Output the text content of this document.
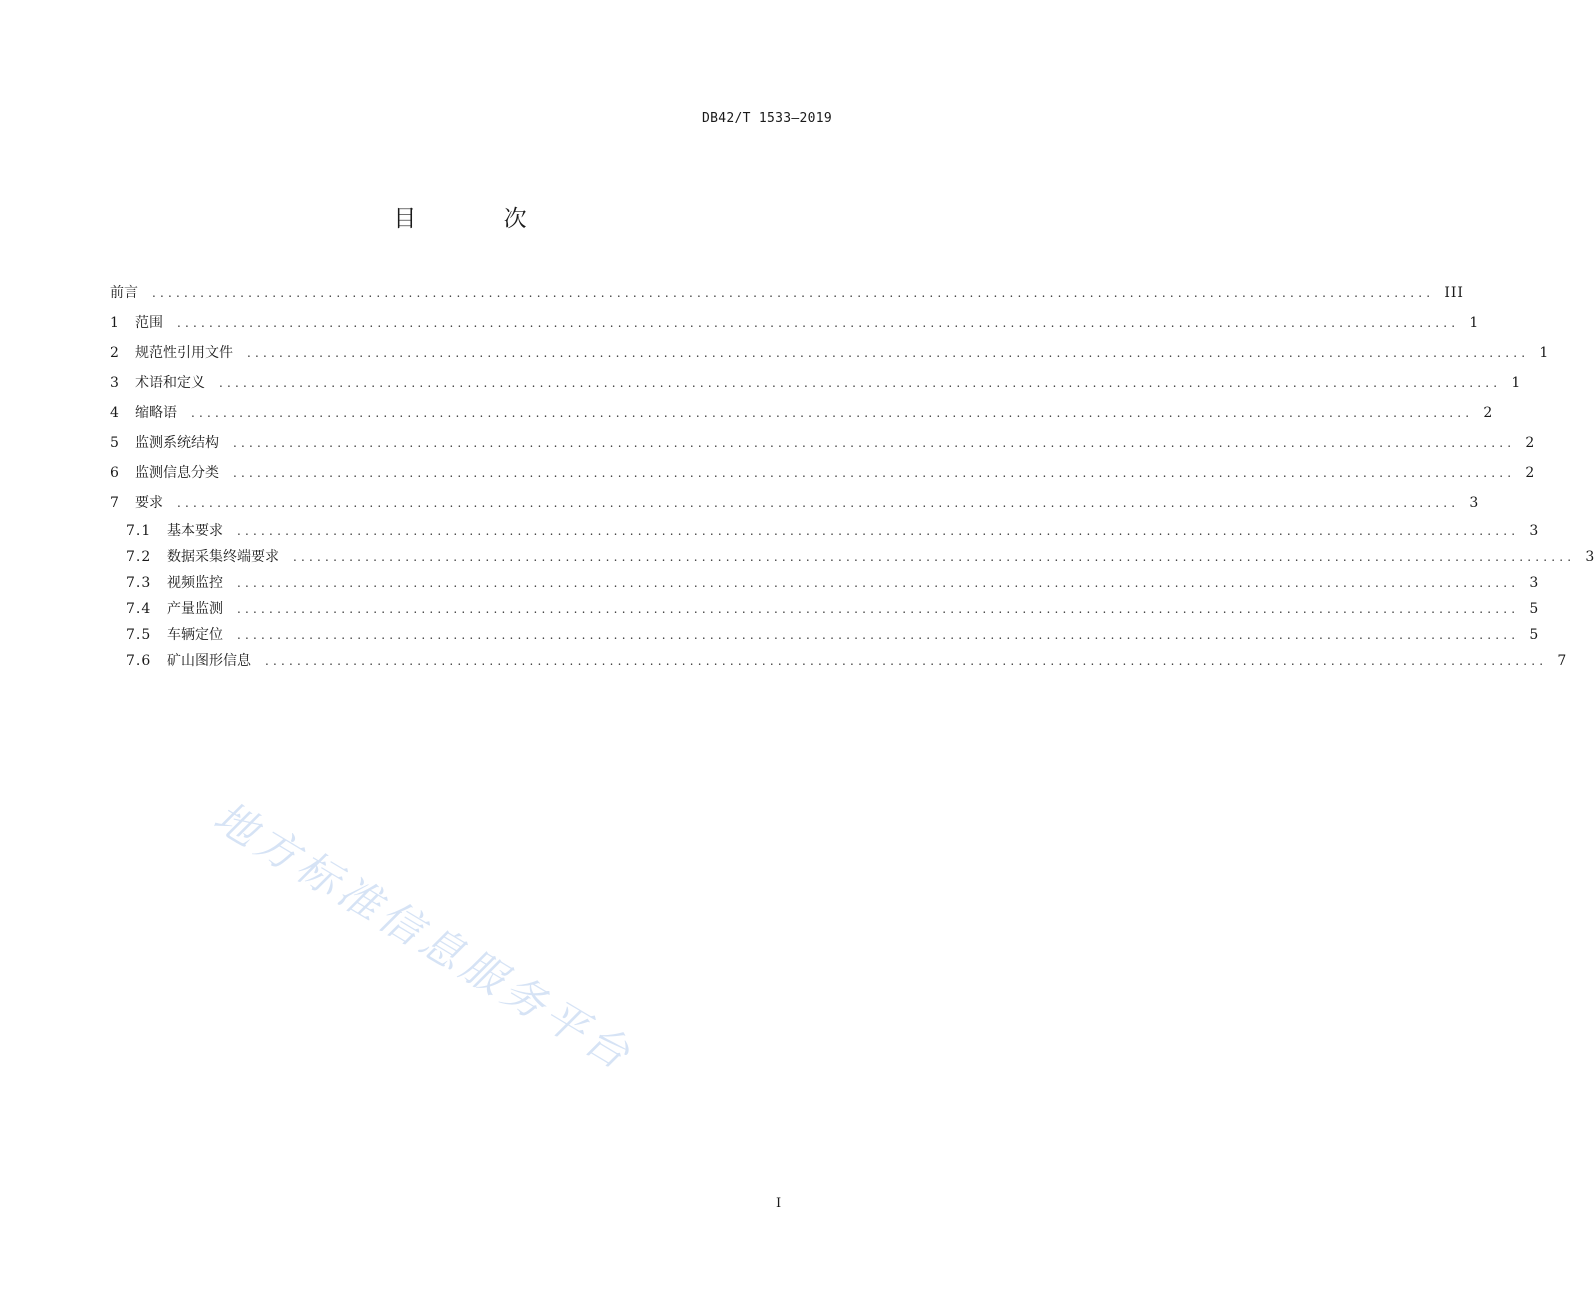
DB42/T 1533—2019
目 次
前言 ................................................................................................................................................................ III
1	范围 ................................................................................................................................................................ 1
2	规范性引用文件 ................................................................................................................................................................ 1
3	术语和定义 ................................................................................................................................................................ 1
4	缩略语 ................................................................................................................................................................ 2
5	监测系统结构 ................................................................................................................................................................ 2
6	监测信息分类 ................................................................................................................................................................ 2
7	要求 ................................................................................................................................................................ 3
7.1	基本要求 ................................................................................................................................................................ 3
7.2	数据采集终端要求 ................................................................................................................................................................ 3
7.3	视频监控 ................................................................................................................................................................ 3
7.4	产量监测 ................................................................................................................................................................ 5
7.5	车辆定位 ................................................................................................................................................................ 5
7.6	矿山图形信息 ................................................................................................................................................................ 7
地方标准信息服务平台
I
